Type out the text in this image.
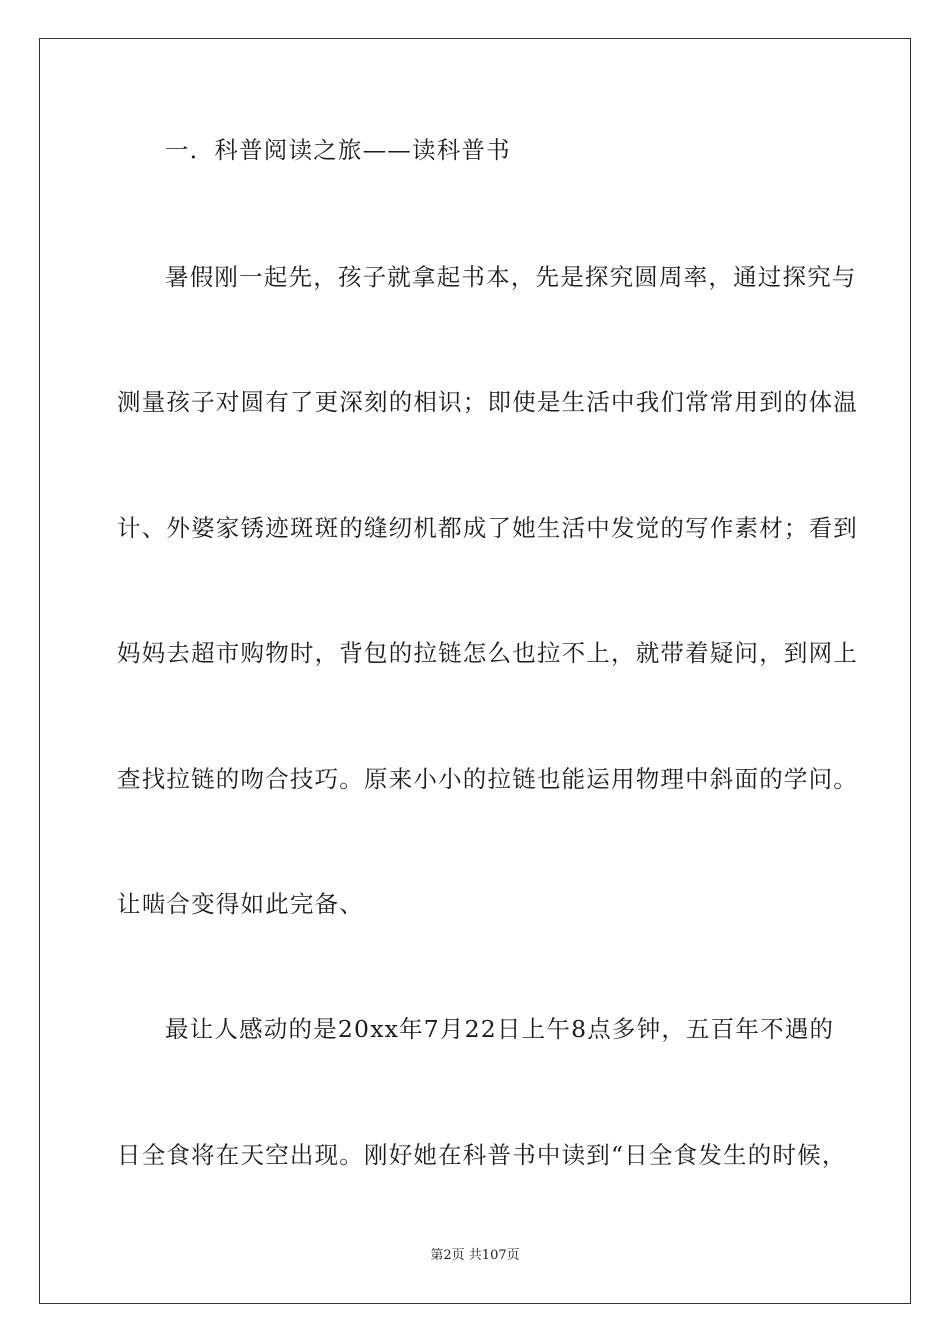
一．科普阅读之旅——读科普书
暑假刚一起先，孩子就拿起书本，先是探究圆周率，通过探究与
测量孩子对圆有了更深刻的相识；即使是生活中我们常常用到的体温
计、外婆家锈迹斑斑的缝纫机都成了她生活中发觉的写作素材；看到
妈妈去超市购物时，背包的拉链怎么也拉不上，就带着疑问，到网上
查找拉链的吻合技巧。原来小小的拉链也能运用物理中斜面的学问。
让啮合变得如此完备、
最让人感动的是20xx年7月22日上午8点多钟，五百年不遇的
日全食将在天空出现。刚好她在科普书中读到“日全食发生的时候，
第2页 共107页
